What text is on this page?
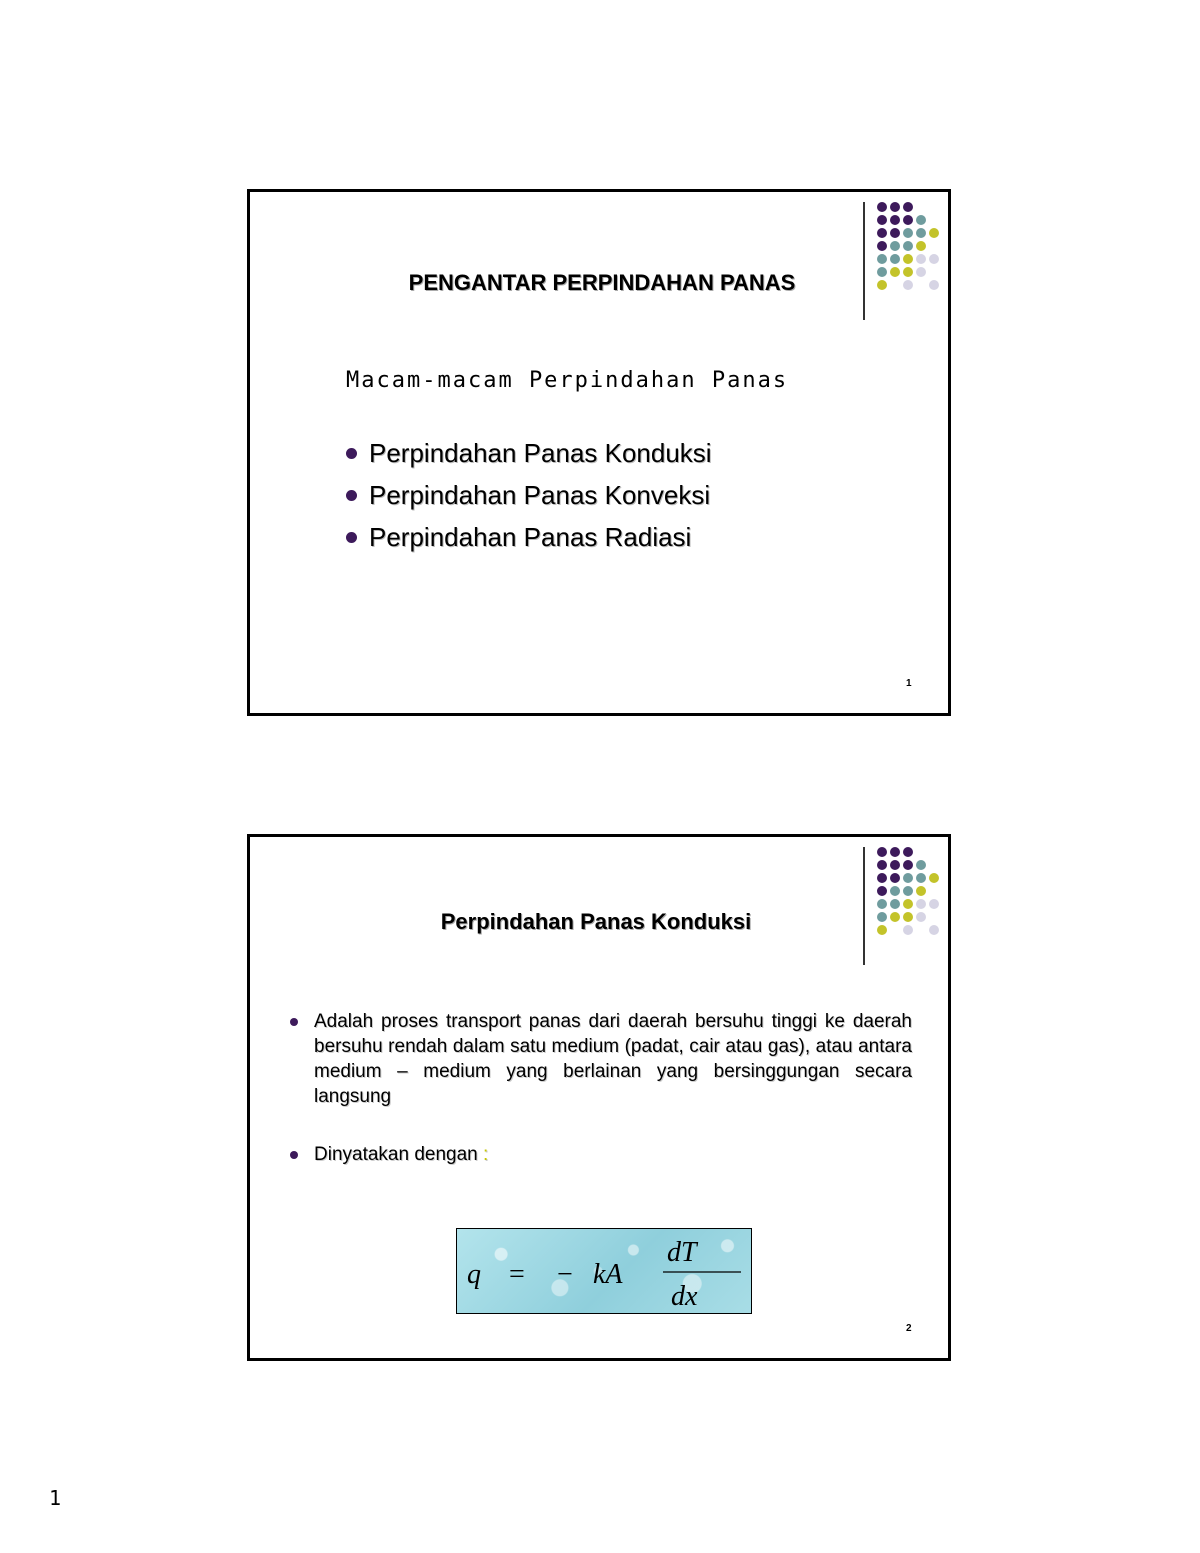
PENGANTAR PERPINDAHAN PANAS
Macam-macam Perpindahan Panas
Perpindahan Panas Konduksi
Perpindahan Panas Konveksi
Perpindahan Panas Radiasi
1
Perpindahan Panas Konduksi

Adalah proses transport panas dari daerah bersuhu tinggi ke daerah bersuhu rendah dalam satu medium (padat, cair atau gas), atau antara medium – medium yang berlainan yang bersinggungan secara langsung

Dinyatakan dengan :

q = − kA
dT
dx
2
1
